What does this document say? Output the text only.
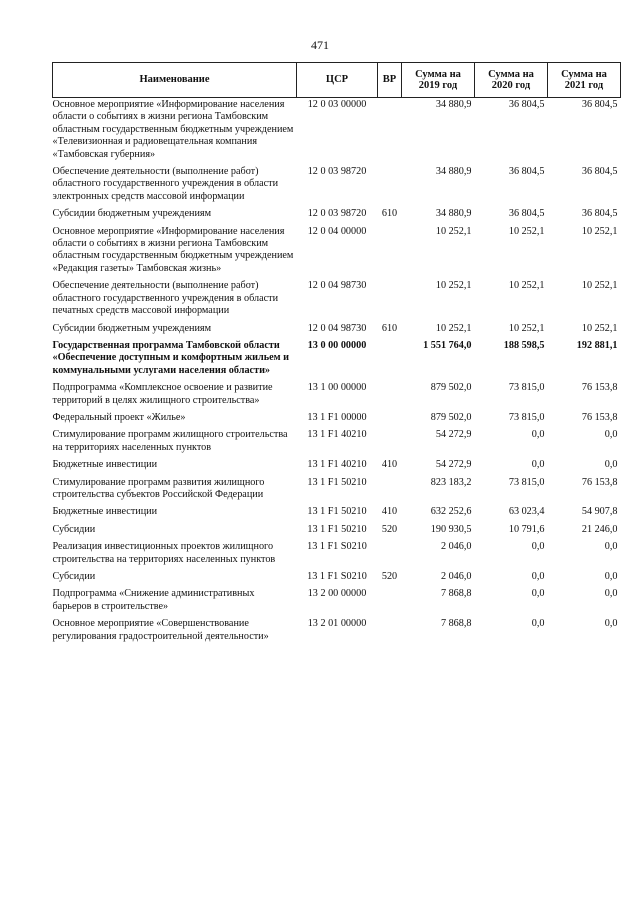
471
Наименование	ЦСР	ВР	Сумма на 2019 год	Сумма на 2020 год	Сумма на 2021 год
Основное мероприятие «Информирование населения области о событиях в жизни региона Тамбовским областным государственным бюджетным учреждением «Телевизионная и радиовещательная компания «Тамбовская губерния»	12 0 03 00000		34 880,9	36 804,5	36 804,5
Обеспечение деятельности (выполнение работ) областного государственного учреждения в области электронных средств массовой информации	12 0 03 98720		34 880,9	36 804,5	36 804,5
Субсидии бюджетным учреждениям	12 0 03 98720	610	34 880,9	36 804,5	36 804,5
Основное мероприятие «Информирование населения области о событиях в жизни региона Тамбовским областным государственным бюджетным учреждением «Редакция газеты» Тамбовская жизнь»	12 0 04 00000		10 252,1	10 252,1	10 252,1
Обеспечение деятельности (выполнение работ) областного государственного учреждения в области печатных средств массовой информации	12 0 04 98730		10 252,1	10 252,1	10 252,1
Субсидии бюджетным учреждениям	12 0 04 98730	610	10 252,1	10 252,1	10 252,1
Государственная программа Тамбовской области «Обеспечение доступным и комфортным жильем и коммунальными услугами населения области»	13 0 00 00000		1 551 764,0	188 598,5	192 881,1
Подпрограмма «Комплексное освоение и развитие территорий в целях жилищного строительства»	13 1 00 00000		879 502,0	73 815,0	76 153,8
Федеральный проект «Жилье»	13 1 F1 00000		879 502,0	73 815,0	76 153,8
Стимулирование программ жилищного строительства на территориях населенных пунктов	13 1 F1 40210		54 272,9	0,0	0,0
Бюджетные инвестиции	13 1 F1 40210	410	54 272,9	0,0	0,0
Стимулирование программ развития жилищного строительства субъектов Российской Федерации	13 1 F1 50210		823 183,2	73 815,0	76 153,8
Бюджетные инвестиции	13 1 F1 50210	410	632 252,6	63 023,4	54 907,8
Субсидии	13 1 F1 50210	520	190 930,5	10 791,6	21 246,0
Реализация инвестиционных проектов жилищного строительства на территориях населенных пунктов	13 1 F1 S0210		2 046,0	0,0	0,0
Субсидии	13 1 F1 S0210	520	2 046,0	0,0	0,0
Подпрограмма «Снижение административных барьеров в строительстве»	13 2 00 00000		7 868,8	0,0	0,0
Основное мероприятие «Совершенствование регулирования градостроительной деятельности»	13 2 01 00000		7 868,8	0,0	0,0
